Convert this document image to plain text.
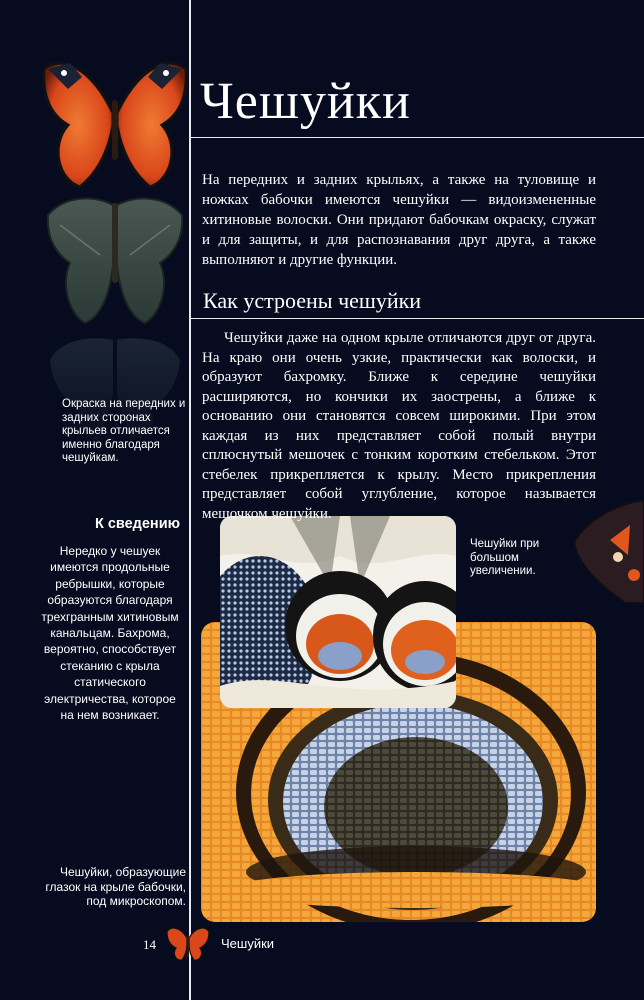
Чешуйки
На передних и задних крыльях, а также на туловище и ножках бабочки имеются чешуйки — видоизмененные хитиновые волоски. Они придают бабочкам окраску, служат и для защиты, и для распознавания друг друга, а также выполняют и другие функции.
Как устроены чешуйки
Чешуйки даже на одном крыле отличаются друг от друга. На краю они очень узкие, практически как волоски, и образуют бахромку. Ближе к середине чешуйки расширяются, но кончики их заострены, а ближе к основанию они становятся совсем широкими. При этом каждая из них представляет собой полый внутри сплюснутый мешочек с тонким коротким стебельком. Этот стебелек прикрепляется к крылу. Место прикрепления представляет собой углубление, которое называется мешочком чешуйки.
Окраска на передних и задних сторонах крыльев отличается именно благодаря чешуйкам.
К сведению
Нередко у чешуек имеются продольные ребрышки, которые образуются благодаря трехгранным хитиновым канальцам. Бахрома, вероятно, способствует стеканию с крыла статического электричества, которое на нем возникает.
Чешуйки при большом увеличении.
Чешуйки, образующие глазок на крыле бабочки, под микроскопом.
14	Чешуйки
